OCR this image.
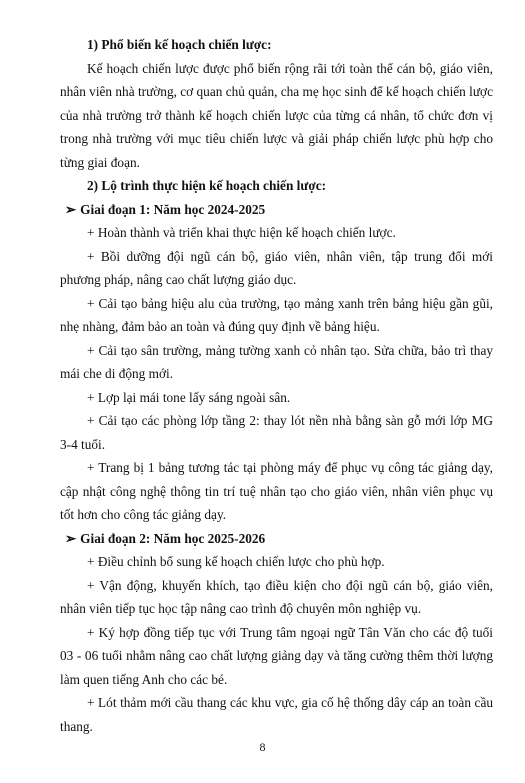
1) Phổ biến kế hoạch chiến lược:

Kế hoạch chiến lược được phổ biến rộng rãi tới toàn thể cán bộ, giáo viên, nhân viên nhà trường, cơ quan chủ quản, cha mẹ học sinh để kế hoạch chiến lược của nhà trường trở thành kế hoạch chiến lược của từng cá nhân, tổ chức đơn vị trong nhà trường với mục tiêu chiến lược và giải pháp chiến lược phù hợp cho từng giai đoạn.

2) Lộ trình thực hiện kế hoạch chiến lược:

➢ Giai đoạn 1: Năm học 2024-2025

+ Hoàn thành và triển khai thực hiện kế hoạch chiến lược.

+ Bồi dưỡng đội ngũ cán bộ, giáo viên, nhân viên, tập trung đổi mới phương pháp, nâng cao chất lượng giáo dục.

+ Cải tạo bảng hiệu alu của trường, tạo mảng xanh trên bảng hiệu gần gũi, nhẹ nhàng, đảm bảo an toàn và đúng quy định về bảng hiệu.

+ Cải tạo sân trường, mảng tường xanh cỏ nhân tạo. Sửa chữa, bảo trì thay mái che di động mới.

+ Lợp lại mái tone lấy sáng ngoài sân.

+ Cải tạo các phòng lớp tầng 2: thay lót nền nhà bằng sàn gỗ mới lớp MG 3-4 tuổi.

+ Trang bị 1 bảng tương tác tại phòng máy để phục vụ công tác giảng dạy, cập nhật công nghệ thông tin trí tuệ nhân tạo cho giáo viên, nhân viên phục vụ tốt hơn cho công tác giảng dạy.

➢ Giai đoạn 2: Năm học 2025-2026

+ Điều chỉnh bổ sung kế hoạch chiến lược cho phù hợp.

+ Vận động, khuyến khích, tạo điều kiện cho đội ngũ cán bộ, giáo viên, nhân viên tiếp tục học tập nâng cao trình độ chuyên môn nghiệp vụ.

+ Ký hợp đồng tiếp tục với Trung tâm ngoại ngữ Tân Văn cho các độ tuổi 03 - 06 tuổi nhằm nâng cao chất lượng giảng dạy và tăng cường thêm thời lượng làm quen tiếng Anh cho các bé.

+ Lót thảm mới cầu thang các khu vực, gia cố hệ thống dây cáp an toàn cầu thang.

8
